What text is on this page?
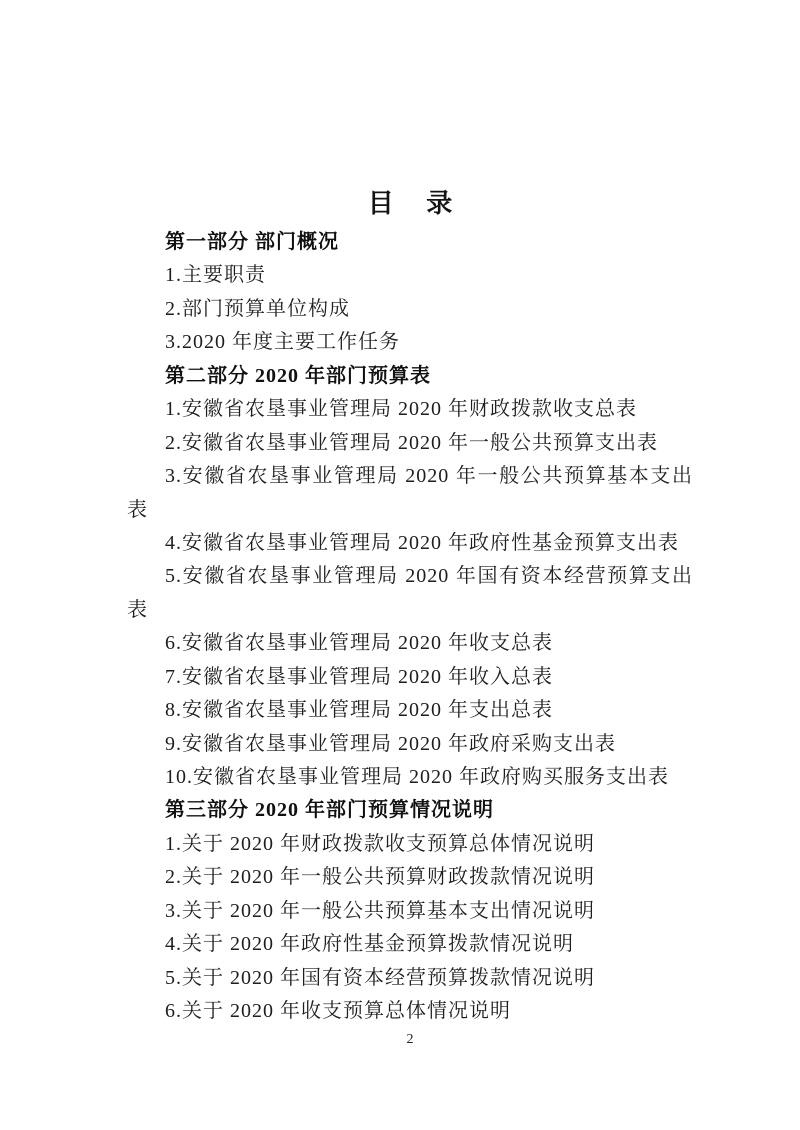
目 录
第一部分 部门概况
1.主要职责
2.部门预算单位构成
3.2020 年度主要工作任务
第二部分 2020 年部门预算表
1.安徽省农垦事业管理局 2020 年财政拨款收支总表
2.安徽省农垦事业管理局 2020 年一般公共预算支出表
3.安徽省农垦事业管理局 2020 年一般公共预算基本支出
表
4.安徽省农垦事业管理局 2020 年政府性基金预算支出表
5.安徽省农垦事业管理局 2020 年国有资本经营预算支出
表
6.安徽省农垦事业管理局 2020 年收支总表
7.安徽省农垦事业管理局 2020 年收入总表
8.安徽省农垦事业管理局 2020 年支出总表
9.安徽省农垦事业管理局 2020 年政府采购支出表
10.安徽省农垦事业管理局 2020 年政府购买服务支出表
第三部分 2020 年部门预算情况说明
1.关于 2020 年财政拨款收支预算总体情况说明
2.关于 2020 年一般公共预算财政拨款情况说明
3.关于 2020 年一般公共预算基本支出情况说明
4.关于 2020 年政府性基金预算拨款情况说明
5.关于 2020 年国有资本经营预算拨款情况说明
6.关于 2020 年收支预算总体情况说明
2
